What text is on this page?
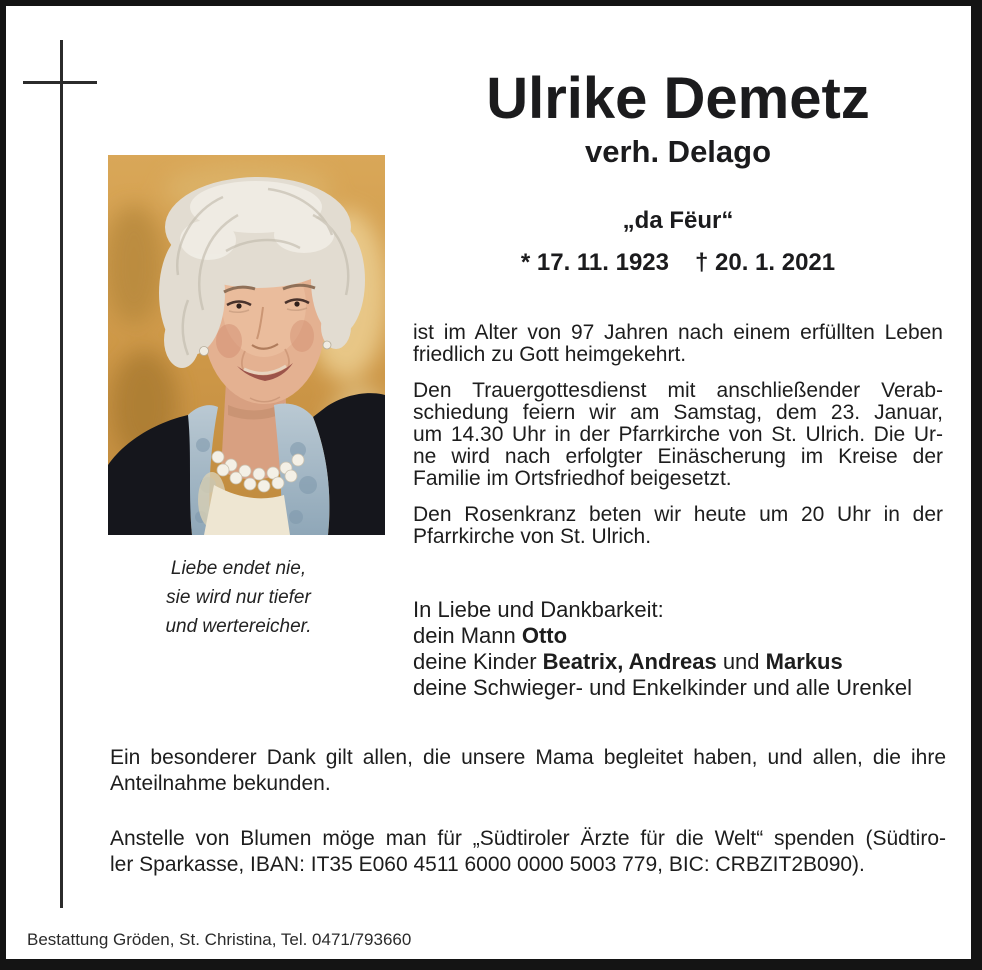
Liebe endet nie,
sie wird nur tiefer
und wertereicher.
Ulrike Demetz
verh. Delago
„da Fëur“
* 17. 11. 1923 † 20. 1. 2021
ist im Alter von 97 Jahren nach einem erfüllten Leben
friedlich zu Gott heimgekehrt.
Den Trauergottesdienst mit anschließender Verab-
schiedung feiern wir am Samstag, dem 23. Januar,
um 14.30 Uhr in der Pfarrkirche von St. Ulrich. Die Ur-
ne wird nach erfolgter Einäscherung im Kreise der
Familie im Ortsfriedhof beigesetzt.
Den Rosenkranz beten wir heute um 20 Uhr in der
Pfarrkirche von St. Ulrich.
In Liebe und Dankbarkeit:
dein Mann Otto
deine Kinder Beatrix, Andreas und Markus
deine Schwieger- und Enkelkinder und alle Urenkel
Ein besonderer Dank gilt allen, die unsere Mama begleitet haben, und allen, die ihre
Anteilnahme bekunden.
Anstelle von Blumen möge man für „Südtiroler Ärzte für die Welt“ spenden (Südtiro-
ler Sparkasse, IBAN: IT35 E060 4511 6000 0000 5003 779, BIC: CRBZIT2B090).
Bestattung Gröden, St. Christina, Tel. 0471/793660
